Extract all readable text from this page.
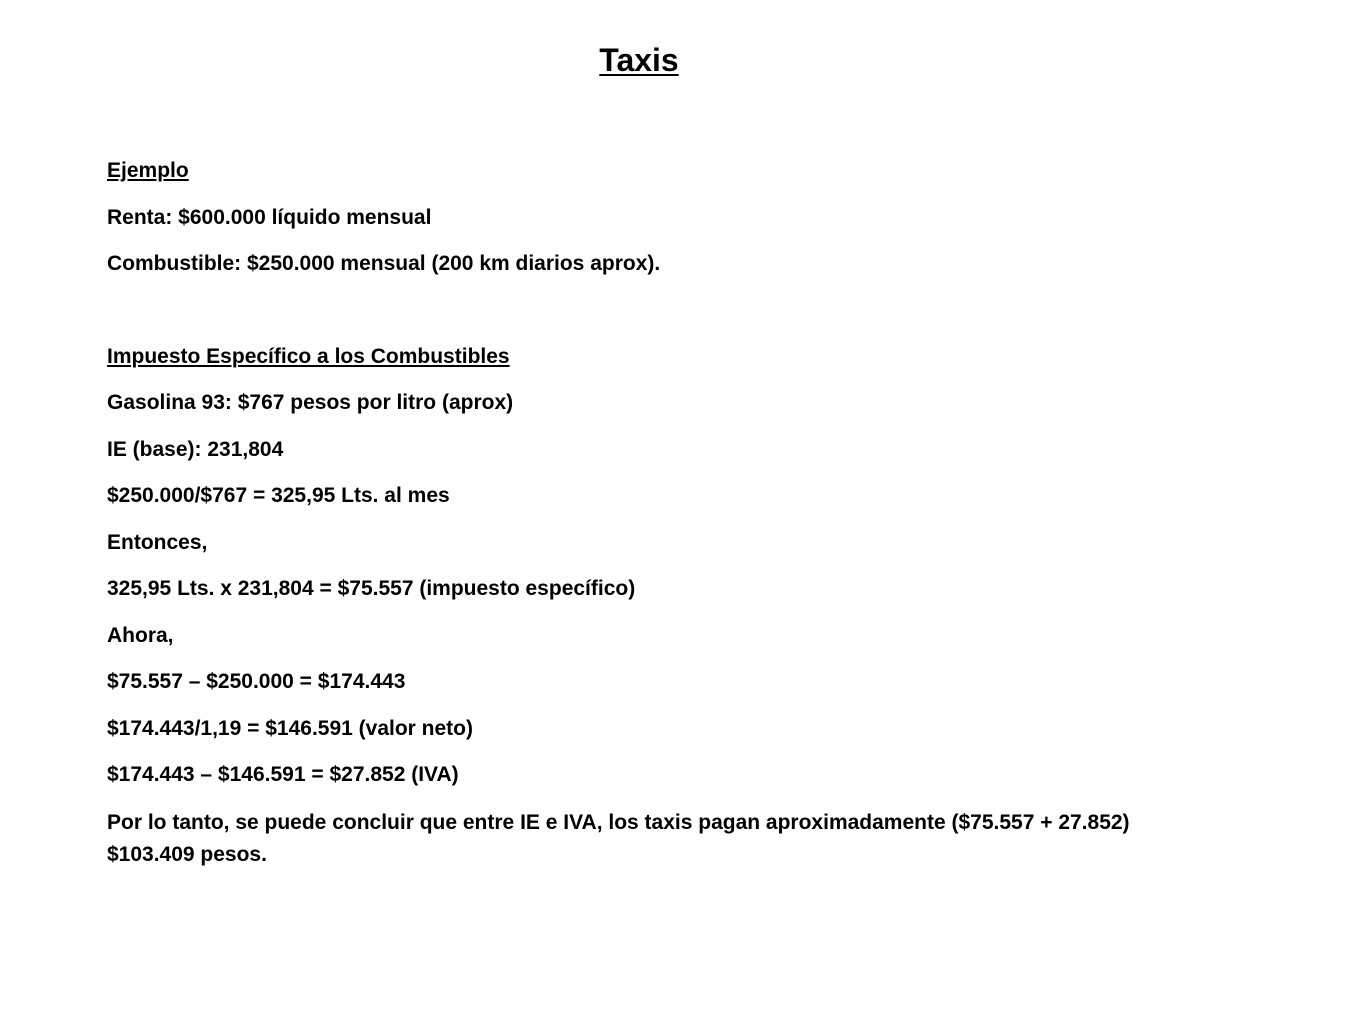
Taxis
Ejemplo
Renta: $600.000 líquido mensual
Combustible: $250.000 mensual (200 km diarios aprox).
Impuesto Específico a los Combustibles
Gasolina 93: $767 pesos por litro (aprox)
IE (base): 231,804
$250.000/$767 = 325,95 Lts. al mes
Entonces,
325,95 Lts. x 231,804 = $75.557 (impuesto específico)
Ahora,
$75.557 – $250.000 = $174.443
$174.443/1,19 = $146.591 (valor neto)
$174.443 – $146.591 = $27.852 (IVA)
Por lo tanto, se puede concluir que entre IE e IVA, los taxis pagan aproximadamente ($75.557 + 27.852) $103.409 pesos.
